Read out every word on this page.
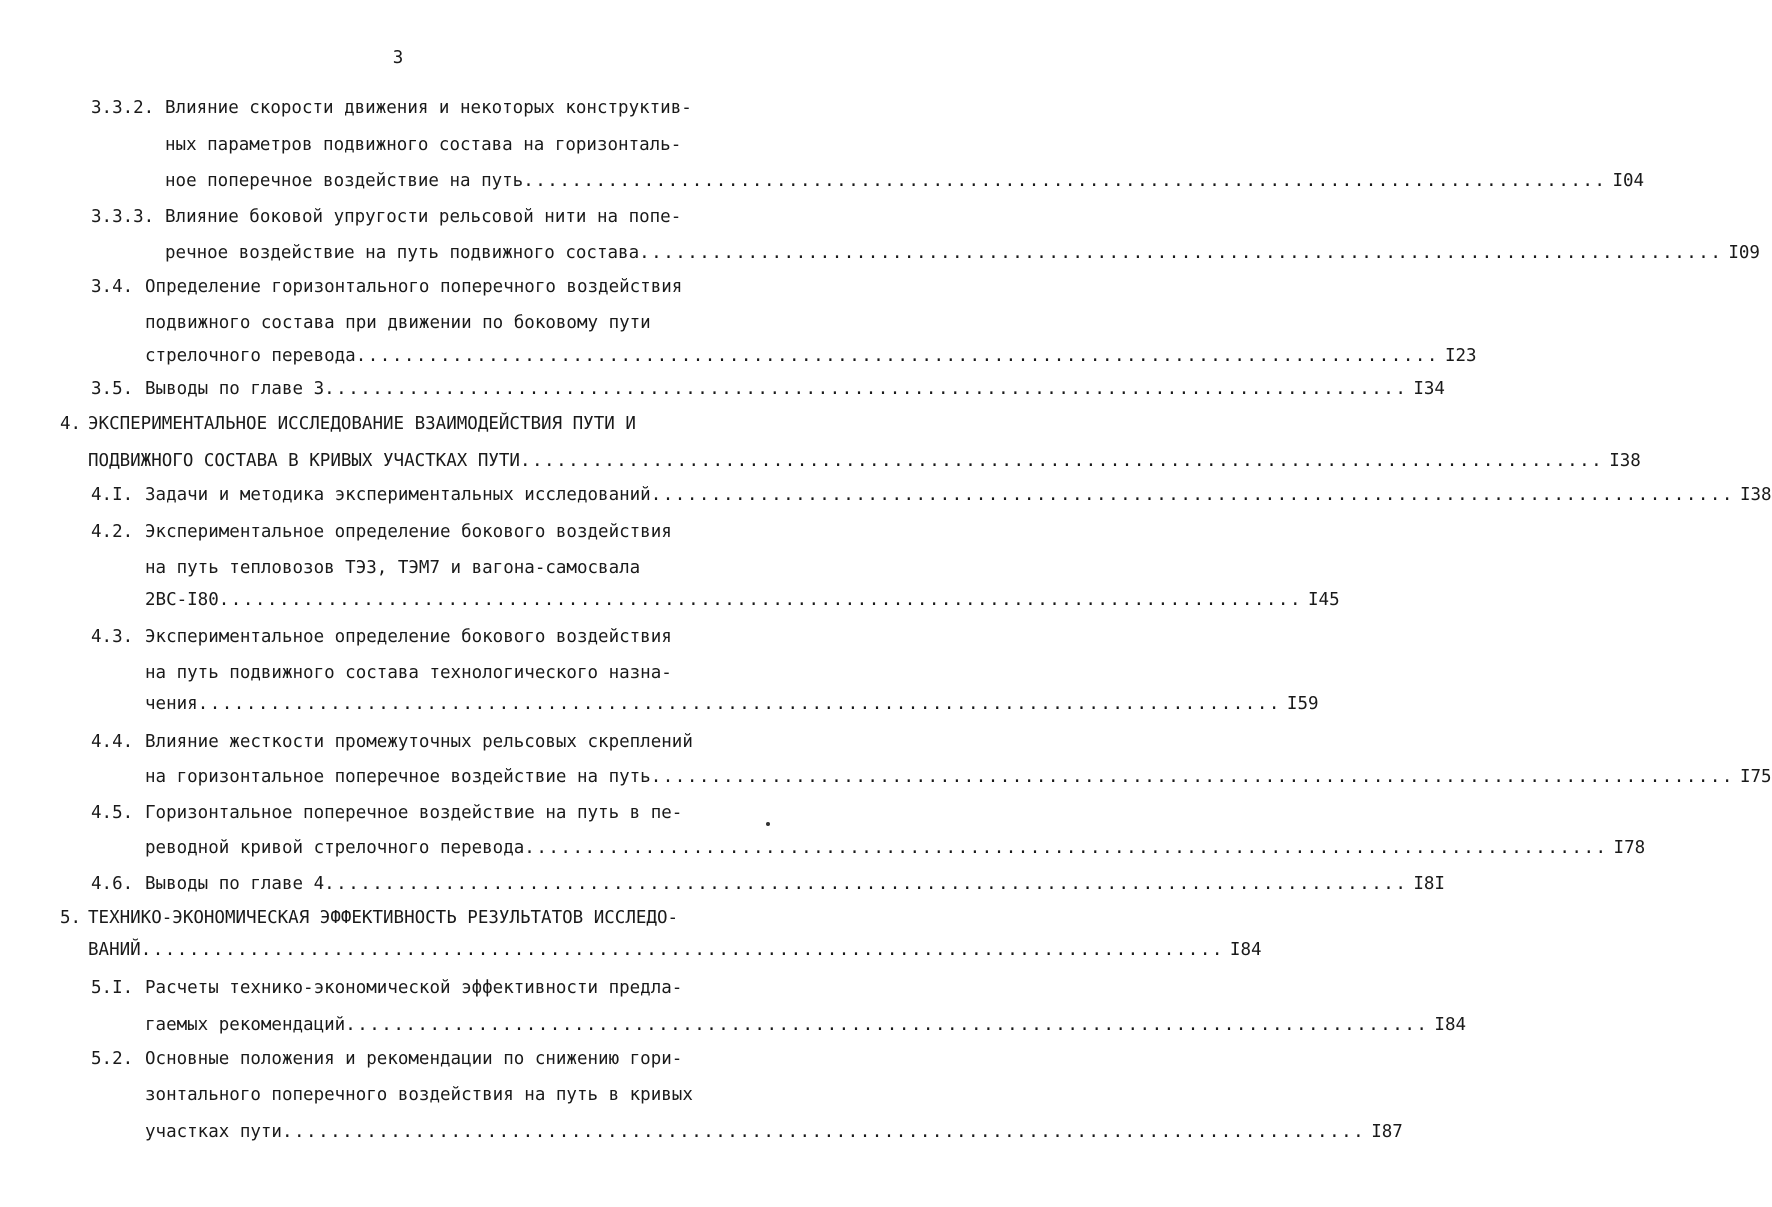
3
3.3.2. Влияние скорости движения и некоторых конструктив-
ных параметров подвижного состава на горизонталь-
ное поперечное воздействие на путь .......................................................................................... I04
3.3.3. Влияние боковой упругости рельсовой нити на попе-
речное воздействие на путь подвижного состава .......................................................................................... I09
3.4. Определение горизонтального поперечного воздействия
подвижного состава при движении по боковому пути
стрелочного перевода .......................................................................................... I23
3.5. Выводы по главе 3 .......................................................................................... I34
4. ЭКСПЕРИМЕНТАЛЬНОЕ ИССЛЕДОВАНИЕ ВЗАИМОДЕЙСТВИЯ ПУТИ И
ПОДВИЖНОГО СОСТАВА В КРИВЫХ УЧАСТКАХ ПУТИ .......................................................................................... I38
4.I. Задачи и методика экспериментальных исследований .......................................................................................... I38
4.2. Экспериментальное определение бокового воздействия
на путь тепловозов ТЭ3, ТЭМ7 и вагона-самосвала
2ВС-I80 .......................................................................................... I45
4.3. Экспериментальное определение бокового воздействия
на путь подвижного состава технологического назна-
чения .......................................................................................... I59
4.4. Влияние жесткости промежуточных рельсовых скреплений
на горизонтальное поперечное воздействие на путь .......................................................................................... I75
4.5. Горизонтальное поперечное воздействие на путь в пе-
реводной кривой стрелочного перевода .......................................................................................... I78
4.6. Выводы по главе 4 .......................................................................................... I8I
5. ТЕХНИКО-ЭКОНОМИЧЕСКАЯ ЭФФЕКТИВНОСТЬ РЕЗУЛЬТАТОВ ИССЛЕДО-
ВАНИЙ .......................................................................................... I84
5.I. Расчеты технико-экономической эффективности предла-
гаемых рекомендаций .......................................................................................... I84
5.2. Основные положения и рекомендации по снижению гори-
зонтального поперечного воздействия на путь в кривых
участках пути .......................................................................................... I87
